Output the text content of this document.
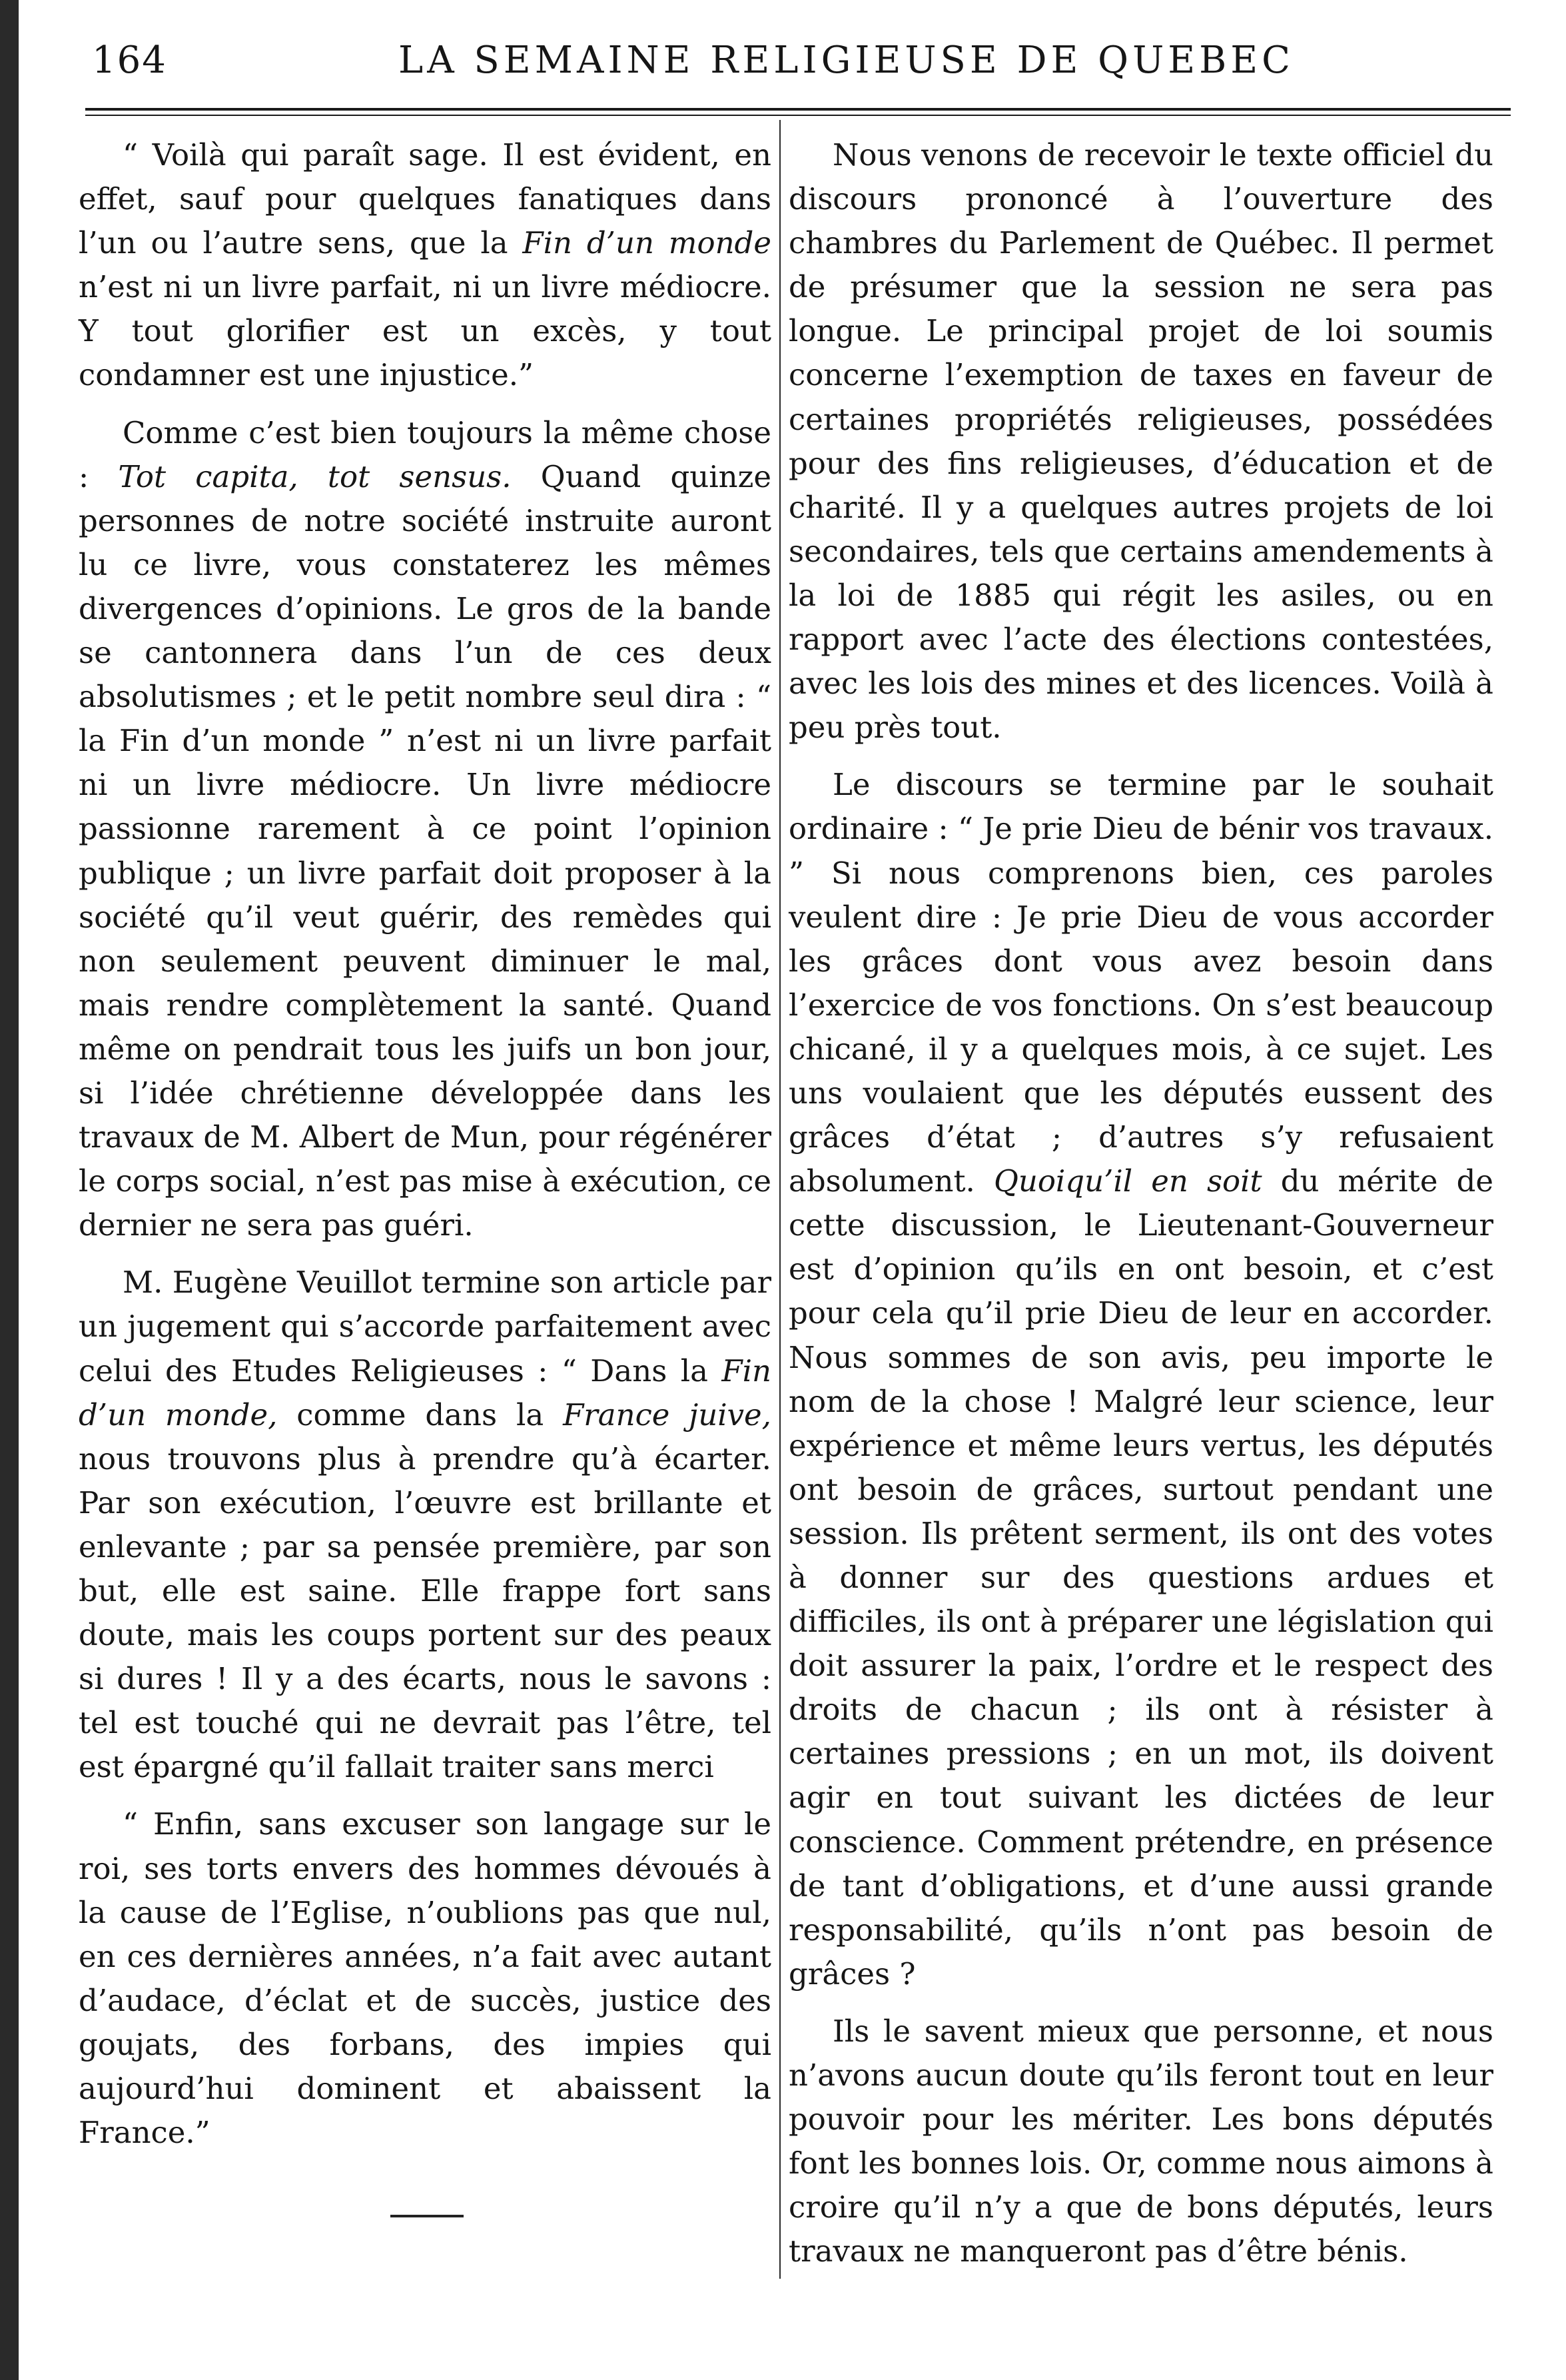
164	LA SEMAINE RELIGIEUSE DE QUEBEC

“ Voilà qui paraît sage. Il est évident, en effet, sauf pour quelques fanatiques dans l’un ou l’autre sens, que la Fin d’un monde n’est ni un livre parfait, ni un livre médiocre. Y tout glorifier est un excès, y tout condamner est une injustice.”

Comme c’est bien toujours la même chose : Tot capita, tot sensus. Quand quinze personnes de notre société instruite auront lu ce livre, vous constaterez les mêmes divergences d’opinions. Le gros de la bande se cantonnera dans l’un de ces deux absolutismes ; et le petit nombre seul dira : “ la Fin d’un monde ” n’est ni un livre parfait ni un livre médiocre. Un livre médiocre passionne rarement à ce point l’opinion publique ; un livre parfait doit proposer à la société qu’il veut guérir, des remèdes qui non seulement peuvent diminuer le mal, mais rendre complètement la santé. Quand même on pendrait tous les juifs un bon jour, si l’idée chrétienne développée dans les travaux de M. Albert de Mun, pour régénérer le corps social, n’est pas mise à exécution, ce dernier ne sera pas guéri.

M. Eugène Veuillot termine son article par un jugement qui s’accorde parfaitement avec celui des Etudes Religieuses : “ Dans la Fin d’un monde, comme dans la France juive, nous trouvons plus à prendre qu’à écarter. Par son exécution, l’œuvre est brillante et enlevante ; par sa pensée première, par son but, elle est saine. Elle frappe fort sans doute, mais les coups portent sur des peaux si dures ! Il y a des écarts, nous le savons : tel est touché qui ne devrait pas l’être, tel est épargné qu’il fallait traiter sans merci

“ Enfin, sans excuser son langage sur le roi, ses torts envers des hommes dévoués à la cause de l’Eglise, n’oublions pas que nul, en ces dernières années, n’a fait avec autant d’audace, d’éclat et de succès, justice des goujats, des forbans, des impies qui aujourd’hui dominent et abaissent la France.”

Nous venons de recevoir le texte officiel du discours prononcé à l’ouverture des chambres du Parlement de Québec. Il permet de présumer que la session ne sera pas longue. Le principal projet de loi soumis concerne l’exemption de taxes en faveur de certaines propriétés religieuses, possédées pour des fins religieuses, d’éducation et de charité. Il y a quelques autres projets de loi secondaires, tels que certains amendements à la loi de 1885 qui régit les asiles, ou en rapport avec l’acte des élections contestées, avec les lois des mines et des licences. Voilà à peu près tout.

Le discours se termine par le souhait ordinaire : “ Je prie Dieu de bénir vos travaux. ” Si nous comprenons bien, ces paroles veulent dire : Je prie Dieu de vous accorder les grâces dont vous avez besoin dans l’exercice de vos fonctions. On s’est beaucoup chicané, il y a quelques mois, à ce sujet. Les uns voulaient que les députés eussent des grâces d’état ; d’autres s’y refusaient absolument. Quoiqu’il en soit du mérite de cette discussion, le Lieutenant-Gouverneur est d’opinion qu’ils en ont besoin, et c’est pour cela qu’il prie Dieu de leur en accorder. Nous sommes de son avis, peu importe le nom de la chose ! Malgré leur science, leur expérience et même leurs vertus, les députés ont besoin de grâces, surtout pendant une session. Ils prêtent serment, ils ont des votes à donner sur des questions ardues et difficiles, ils ont à préparer une législation qui doit assurer la paix, l’ordre et le respect des droits de chacun ; ils ont à résister à certaines pressions ; en un mot, ils doivent agir en tout suivant les dictées de leur conscience. Comment prétendre, en présence de tant d’obligations, et d’une aussi grande responsabilité, qu’ils n’ont pas besoin de grâces ?

Ils le savent mieux que personne, et nous n’avons aucun doute qu’ils feront tout en leur pouvoir pour les mériter. Les bons députés font les bonnes lois. Or, comme nous aimons à croire qu’il n’y a que de bons députés, leurs travaux ne manqueront pas d’être bénis.
